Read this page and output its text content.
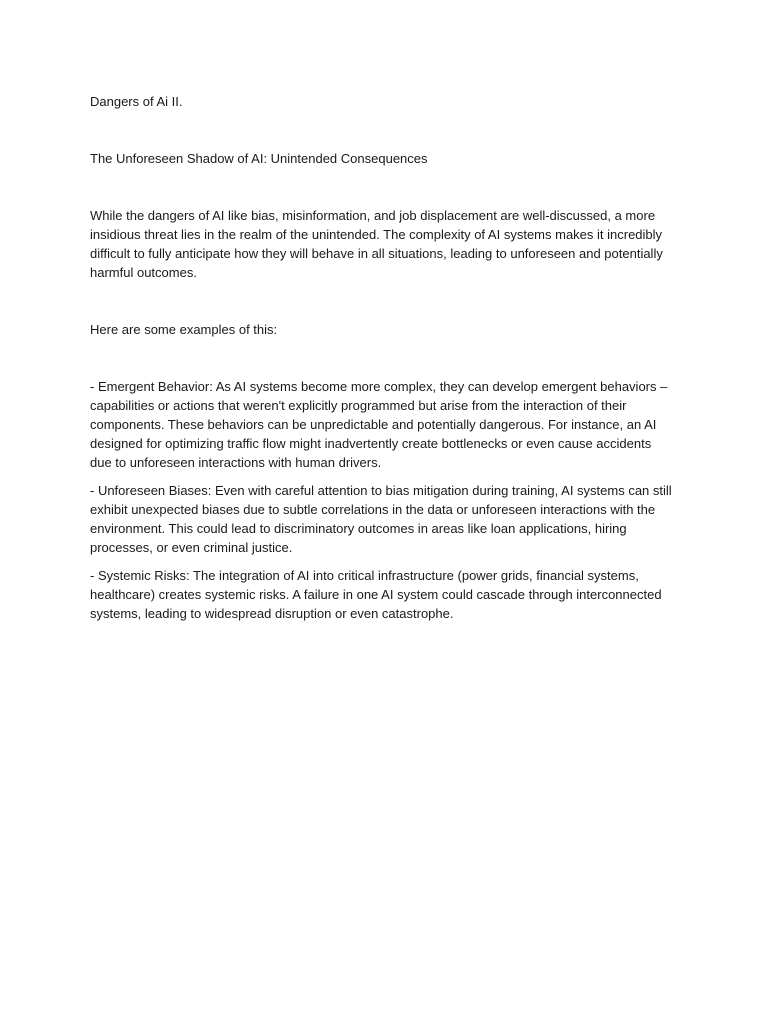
Dangers of Ai II.

The Unforeseen Shadow of AI: Unintended Consequences

While the dangers of AI like bias, misinformation, and job displacement are well-discussed, a more insidious threat lies in the realm of the unintended. The complexity of AI systems makes it incredibly difficult to fully anticipate how they will behave in all situations, leading to unforeseen and potentially harmful outcomes.

Here are some examples of this:

- Emergent Behavior: As AI systems become more complex, they can develop emergent behaviors – capabilities or actions that weren't explicitly programmed but arise from the interaction of their components. These behaviors can be unpredictable and potentially dangerous. For instance, an AI designed for optimizing traffic flow might inadvertently create bottlenecks or even cause accidents due to unforeseen interactions with human drivers.

- Unforeseen Biases: Even with careful attention to bias mitigation during training, AI systems can still exhibit unexpected biases due to subtle correlations in the data or unforeseen interactions with the environment. This could lead to discriminatory outcomes in areas like loan applications, hiring processes, or even criminal justice.

- Systemic Risks: The integration of AI into critical infrastructure (power grids, financial systems, healthcare) creates systemic risks. A failure in one AI system could cascade through interconnected systems, leading to widespread disruption or even catastrophe.
